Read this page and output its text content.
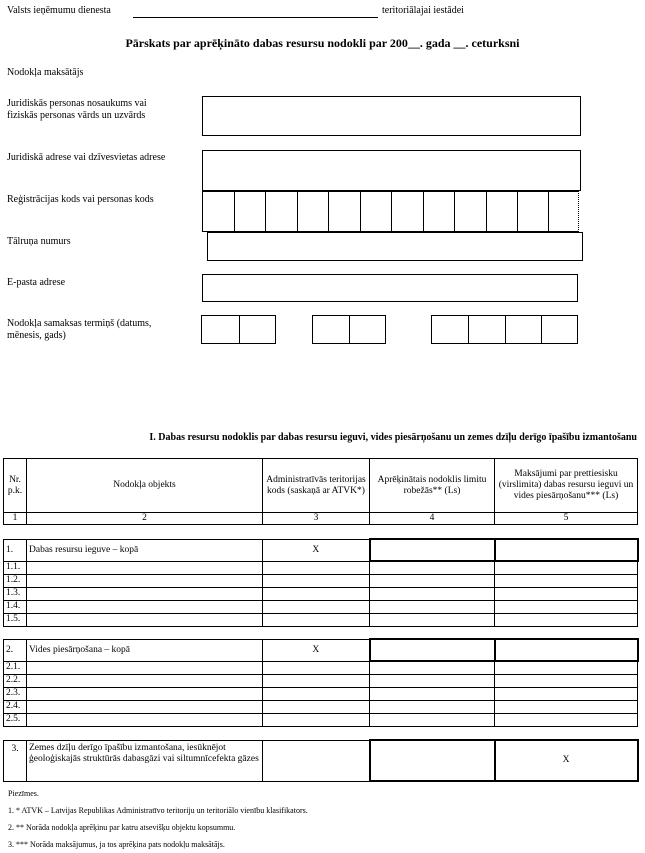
Valsts ieņēmumu dienesta	teritoriālajai iestādei
Pārskats par aprēķināto dabas resursu nodokli par 200__. gada __. ceturksni
Nodokļa maksātājs
Juridiskās personas nosaukums vai fiziskās personas vārds un uzvārds
Juridiskā adrese vai dzīvesvietas adrese
Reģistrācijas kods vai personas kods
Tālruņa numurs
E-pasta adrese
Nodokļa samaksas termiņš (datums, mēnesis, gads)
I. Dabas resursu nodoklis par dabas resursu ieguvi, vides piesārņošanu un zemes dzīļu derīgo īpašību izmantošanu
Nr. p.k.	Nodokļa objekts	Administratīvās teritorijas kods (saskaņā ar ATVK*)	Aprēķinātais nodoklis limitu robežās** (Ls)	Maksājumi par prettiesisku (virslimita) dabas resursu ieguvi un vides piesārņošanu*** (Ls)
1	2	3	4	5
1.	Dabas resursu ieguve – kopā	X		
1.1.				
1.2.				
1.3.				
1.4.				
1.5.				
2.	Vides piesārņošana – kopā	X		
2.1.				
2.2.				
2.3.				
2.4.				
2.5.				
3.	Zemes dzīļu derīgo īpašību izmantošana, iesūknējot ģeoloģiskajās struktūrās dabasgāzi vai siltumnīcefekta gāzes			X
Piezīmes.
1. * ATVK – Latvijas Republikas Administratīvo teritoriju un teritoriālo vienību klasifikators.
2. ** Norāda nodokļa aprēķinu par katru atsevišķu objektu kopsummu.
3. *** Norāda maksājumus, ja tos aprēķina pats nodokļu maksātājs.
